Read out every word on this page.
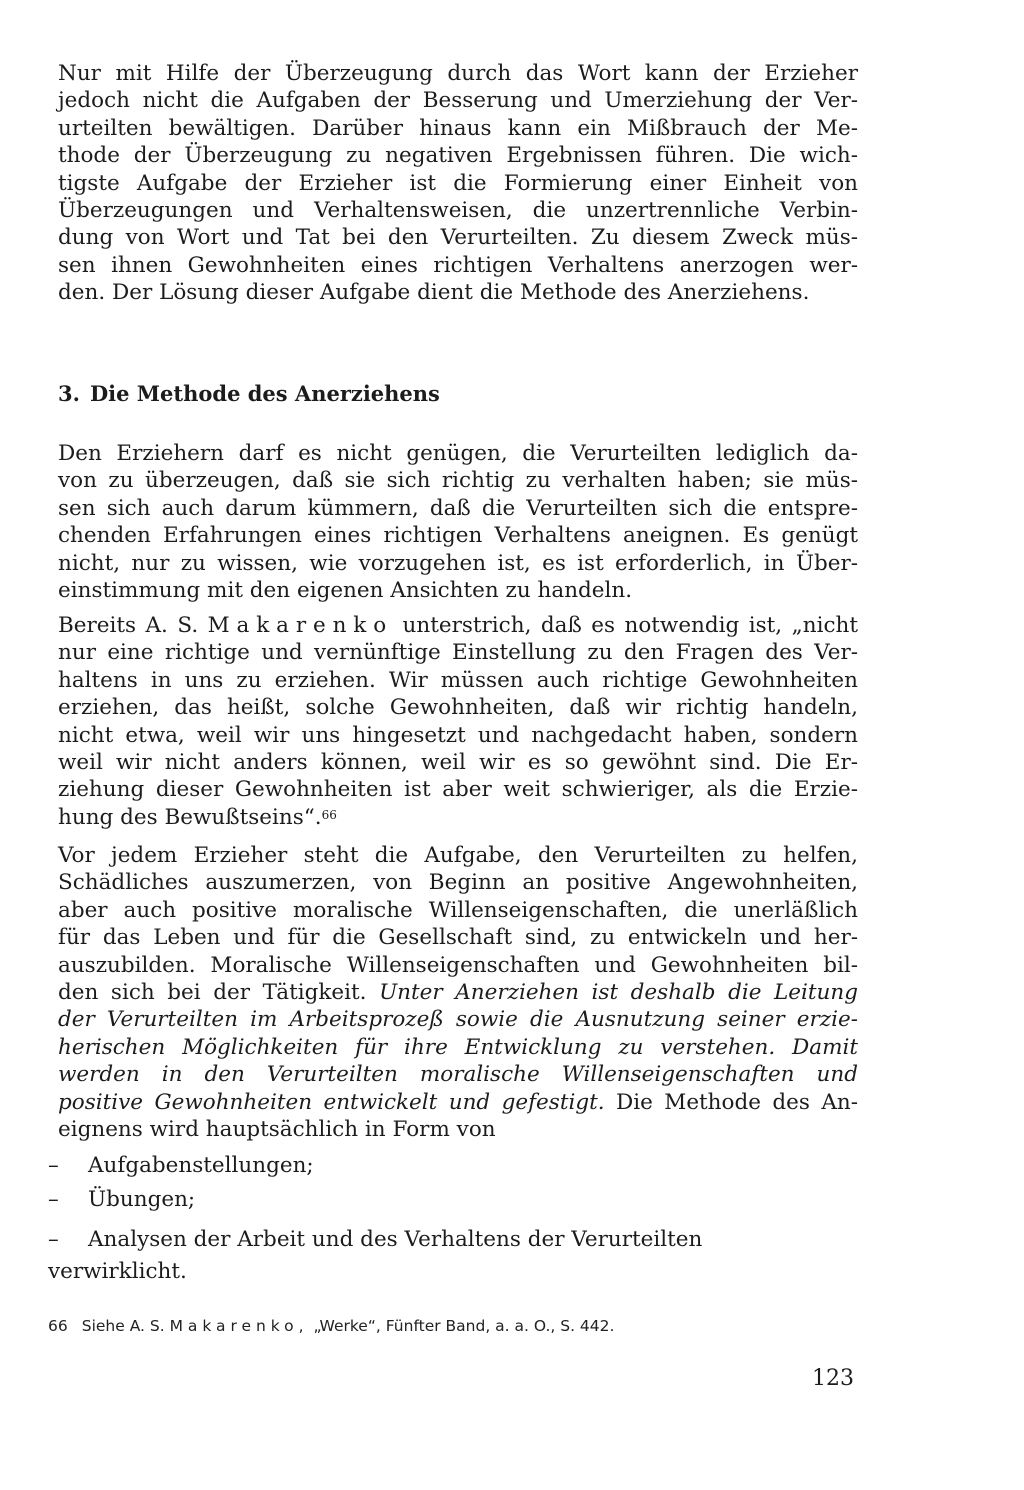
Nur mit Hilfe der Überzeugung durch das Wort kann der Erzieher
jedoch nicht die Aufgaben der Besserung und Umerziehung der Ver-
urteilten bewältigen. Darüber hinaus kann ein Mißbrauch der Me-
thode der Überzeugung zu negativen Ergebnissen führen. Die wich-
tigste Aufgabe der Erzieher ist die Formierung einer Einheit von
Überzeugungen und Verhaltensweisen, die unzertrennliche Verbin-
dung von Wort und Tat bei den Verurteilten. Zu diesem Zweck müs-
sen ihnen Gewohnheiten eines richtigen Verhaltens anerzogen wer-
den. Der Lösung dieser Aufgabe dient die Methode des Anerziehens.
3. Die Methode des Anerziehens
Den Erziehern darf es nicht genügen, die Verurteilten lediglich da-
von zu überzeugen, daß sie sich richtig zu verhalten haben; sie müs-
sen sich auch darum kümmern, daß die Verurteilten sich die entspre-
chenden Erfahrungen eines richtigen Verhaltens aneignen. Es genügt
nicht, nur zu wissen, wie vorzugehen ist, es ist erforderlich, in Über-
einstimmung mit den eigenen Ansichten zu handeln.
Bereits A. S. Makarenko unterstrich, daß es notwendig ist, „nicht
nur eine richtige und vernünftige Einstellung zu den Fragen des Ver-
haltens in uns zu erziehen. Wir müssen auch richtige Gewohnheiten
erziehen, das heißt, solche Gewohnheiten, daß wir richtig handeln,
nicht etwa, weil wir uns hingesetzt und nachgedacht haben, sondern
weil wir nicht anders können, weil wir es so gewöhnt sind. Die Er-
ziehung dieser Gewohnheiten ist aber weit schwieriger, als die Erzie-
hung des Bewußtseins“.$^{66}$
Vor jedem Erzieher steht die Aufgabe, den Verurteilten zu helfen,
Schädliches auszumerzen, von Beginn an positive Angewohnheiten,
aber auch positive moralische Willenseigenschaften, die unerläßlich
für das Leben und für die Gesellschaft sind, zu entwickeln und her-
auszubilden. Moralische Willenseigenschaften und Gewohnheiten bil-
den sich bei der Tätigkeit. Unter Anerziehen ist deshalb die Leitung
der Verurteilten im Arbeitsprozeß sowie die Ausnutzung seiner erzie-
herischen Möglichkeiten für ihre Entwicklung zu verstehen. Damit
werden in den Verurteilten moralische Willenseigenschaften und
positive Gewohnheiten entwickelt und gefestigt. Die Methode des An-
eignens wird hauptsächlich in Form von
– Aufgabenstellungen;
– Übungen;
– Analysen der Arbeit und des Verhaltens der Verurteilten
verwirklicht.
66 Siehe A. S. Makarenko, „Werke“, Fünfter Band, a. a. O., S. 442.
123
